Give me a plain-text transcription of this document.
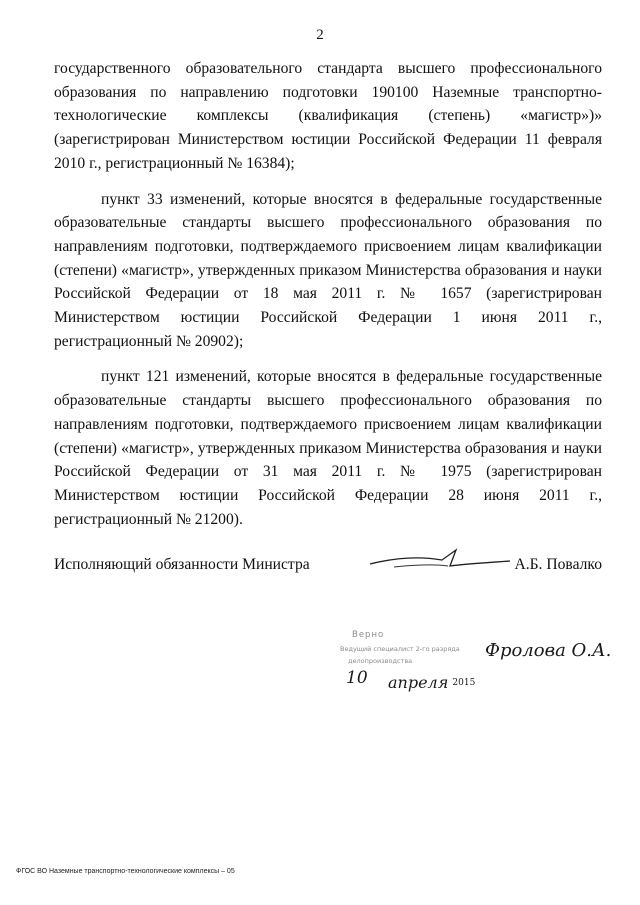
2

государственного образовательного стандарта высшего профессионального образования по направлению подготовки 190100 Наземные транспортно-технологические комплексы (квалификация (степень) «магистр»)» (зарегистрирован Министерством юстиции Российской Федерации 11 февраля 2010 г., регистрационный № 16384);

пункт 33 изменений, которые вносятся в федеральные государственные образовательные стандарты высшего профессионального образования по направлениям подготовки, подтверждаемого присвоением лицам квалификации (степени) «магистр», утвержденных приказом Министерства образования и науки Российской Федерации от 18 мая 2011 г. № 1657 (зарегистрирован Министерством юстиции Российской Федерации 1 июня 2011 г., регистрационный № 20902);

пункт 121 изменений, которые вносятся в федеральные государственные образовательные стандарты высшего профессионального образования по направлениям подготовки, подтверждаемого присвоением лицам квалификации (степени) «магистр», утвержденных приказом Министерства образования и науки Российской Федерации от 31 мая 2011 г. № 1975 (зарегистрирован Министерством юстиции Российской Федерации 28 июня 2011 г., регистрационный № 21200).

Исполняющий обязанности Министра	А.Б. Повалко
Верно
Ведущий специалист 2-го разряда
делопроизводства	Фролова О.А.
10 апреля 2015
ФГОС ВО Наземные транспортно-технологические комплексы – 05
